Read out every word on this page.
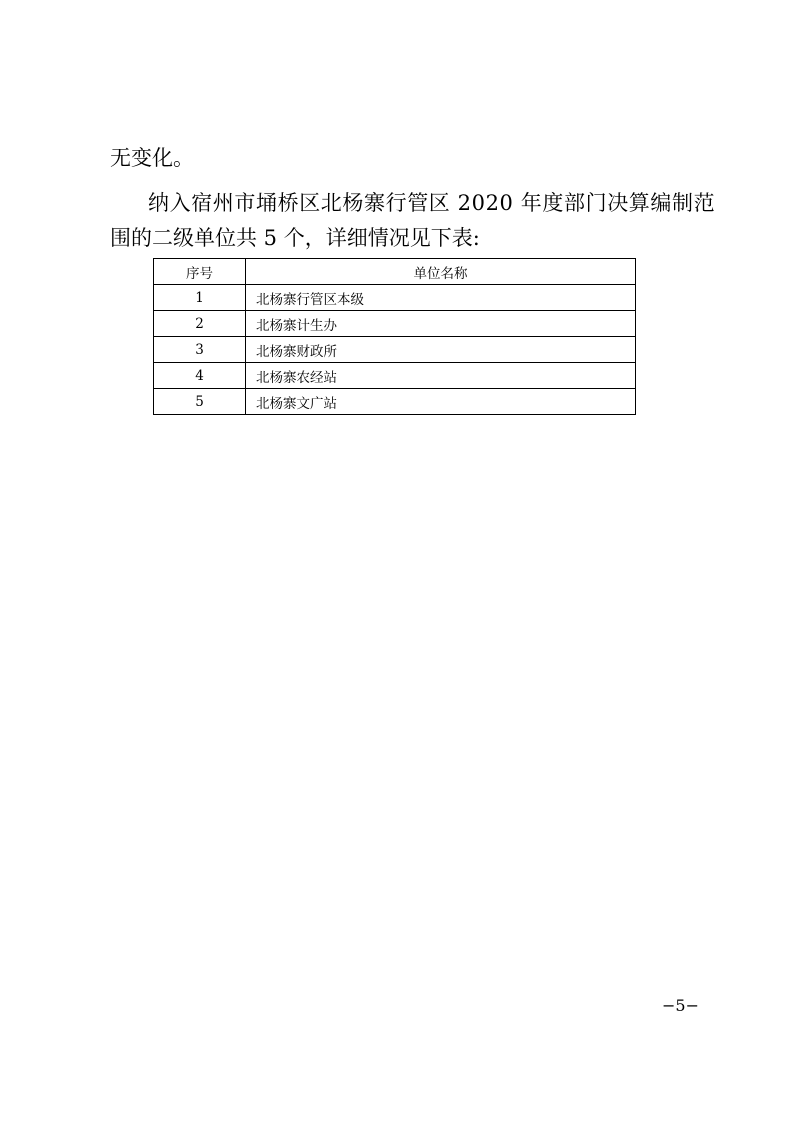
无变化。

纳入宿州市埇桥区北杨寨行管区 2020 年度部门决算编制范

围的二级单位共 5 个，详细情况见下表:

序号	单位名称
1	北杨寨行管区本级
2	北杨寨计生办
3	北杨寨财政所
4	北杨寨农经站
5	北杨寨文广站
−5−
